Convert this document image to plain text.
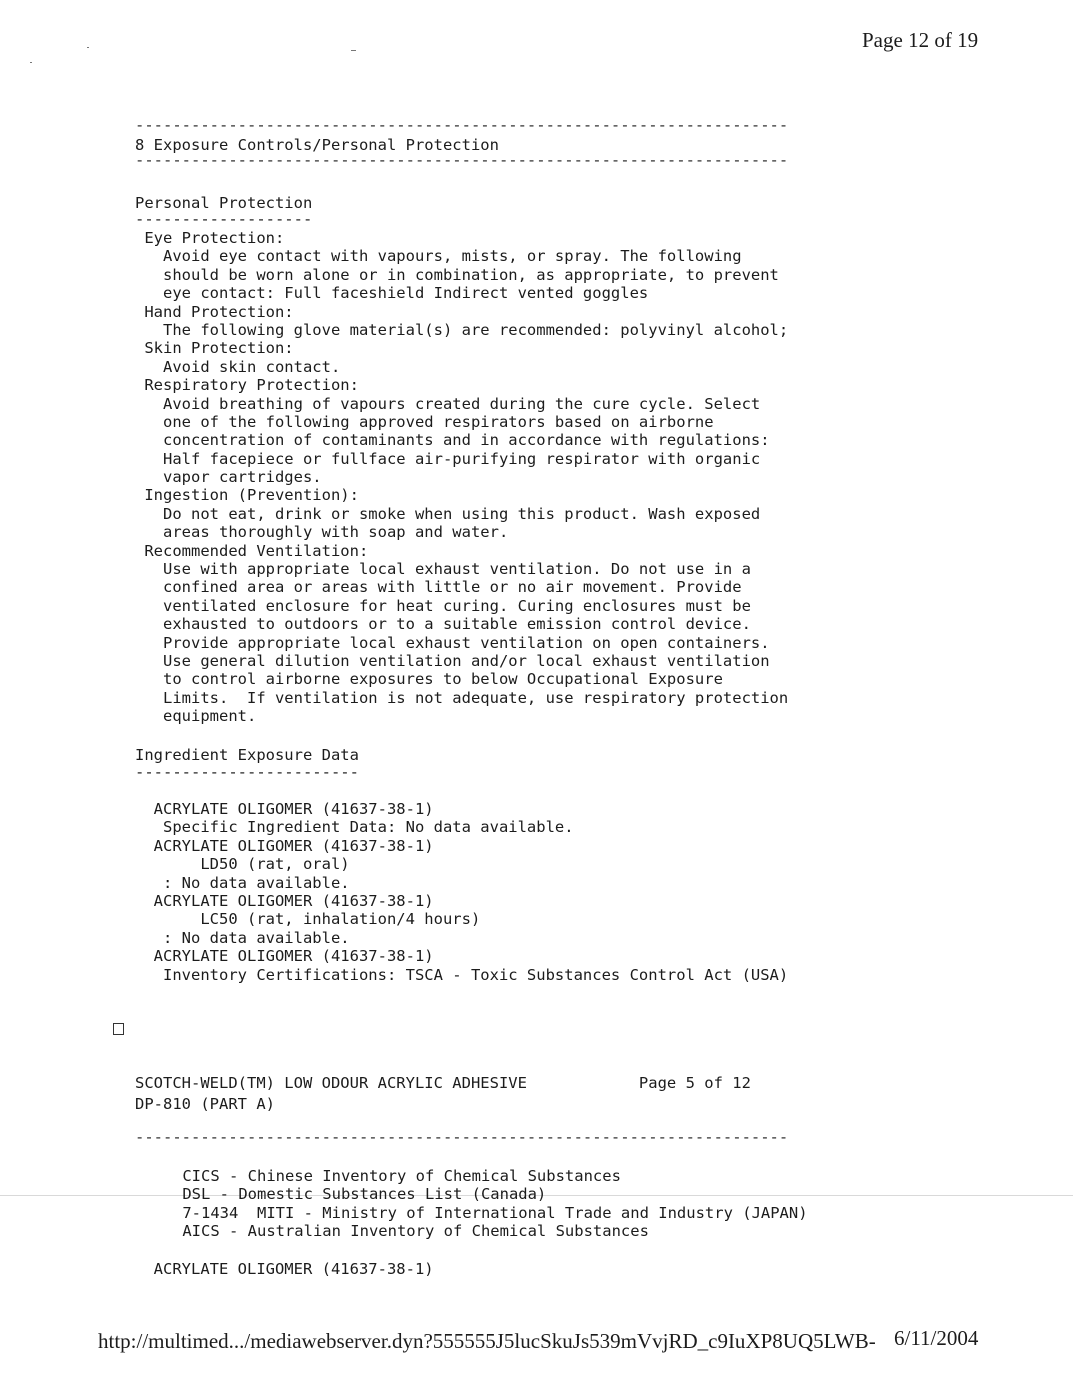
Page 12 of 19
----------------------------------------------------------------------
8 Exposure Controls/Personal Protection
----------------------------------------------------------------------
Personal Protection
-------------------
Eye Protection:
Avoid eye contact with vapours, mists, or spray. The following
should be worn alone or in combination, as appropriate, to prevent
eye contact: Full faceshield Indirect vented goggles
Hand Protection:
The following glove material(s) are recommended: polyvinyl alcohol;
Skin Protection:
Avoid skin contact.
Respiratory Protection:
Avoid breathing of vapours created during the cure cycle. Select
one of the following approved respirators based on airborne
concentration of contaminants and in accordance with regulations:
Half facepiece or fullface air-purifying respirator with organic
vapor cartridges.
Ingestion (Prevention):
Do not eat, drink or smoke when using this product. Wash exposed
areas thoroughly with soap and water.
Recommended Ventilation:
Use with appropriate local exhaust ventilation. Do not use in a
confined area or areas with little or no air movement. Provide
ventilated enclosure for heat curing. Curing enclosures must be
exhausted to outdoors or to a suitable emission control device.
Provide appropriate local exhaust ventilation on open containers.
Use general dilution ventilation and/or local exhaust ventilation
to control airborne exposures to below Occupational Exposure
Limits.  If ventilation is not adequate, use respiratory protection
equipment.
Ingredient Exposure Data
------------------------
ACRYLATE OLIGOMER (41637-38-1)
Specific Ingredient Data: No data available.
ACRYLATE OLIGOMER (41637-38-1)
LD50 (rat, oral)
: No data available.
ACRYLATE OLIGOMER (41637-38-1)
LC50 (rat, inhalation/4 hours)
: No data available.
ACRYLATE OLIGOMER (41637-38-1)
Inventory Certifications: TSCA - Toxic Substances Control Act (USA)
SCOTCH-WELD(TM) LOW ODOUR ACRYLIC ADHESIVE            Page 5 of 12
DP-810 (PART A)
----------------------------------------------------------------------
CICS - Chinese Inventory of Chemical Substances
DSL - Domestic Substances List (Canada)
7-1434  MITI - Ministry of International Trade and Industry (JAPAN)
AICS - Australian Inventory of Chemical Substances
ACRYLATE OLIGOMER (41637-38-1)
http://multimed.../mediawebserver.dyn?555555J5lucSkuJs539mVvjRD_c9IuXP8UQ5LWB- 6/11/2004
